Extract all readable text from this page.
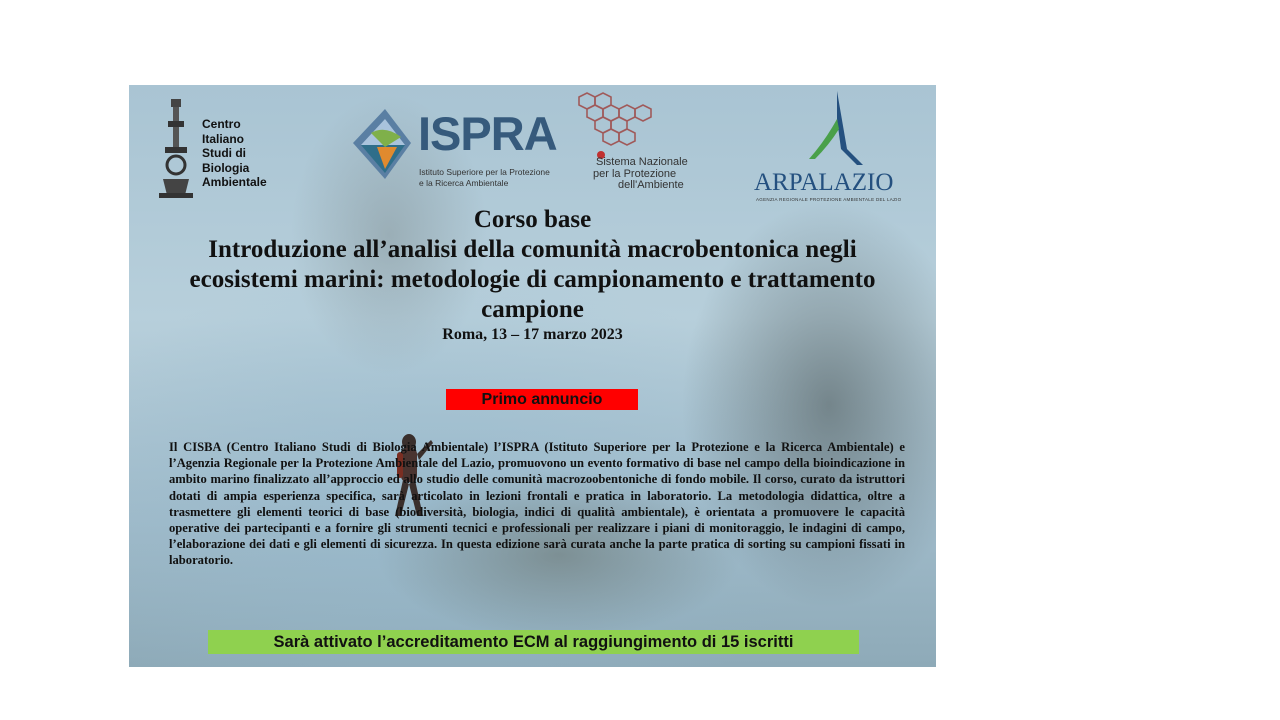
Centro
Italiano
Studi di
Biologia
Ambientale
ISPRA
Istituto Superiore per la Protezione
e la Ricerca Ambientale
Sistema Nazionale
per la Protezione
dell'Ambiente	ARPALAZIO
AGENZIA REGIONALE PROTEZIONE AMBIENTALE DEL LAZIO
Corso base
Introduzione all’analisi della comunità macrobentonica negli ecosistemi marini: metodologie di campionamento e trattamento campione
Roma, 13 – 17 marzo 2023
Primo annuncio
Il CISBA (Centro Italiano Studi di Biologia Ambientale) l’ISPRA (Istituto Superiore per la Protezione e la Ricerca Ambientale) e l’Agenzia Regionale per la Protezione Ambientale del Lazio, promuovono un evento formativo di base nel campo della bioindicazione in ambito marino finalizzato all’approccio ed allo studio delle comunità macrozoobentoniche di fondo mobile. Il corso, curato da istruttori dotati di ampia esperienza specifica, sarà articolato in lezioni frontali e pratica in laboratorio. La metodologia didattica, oltre a trasmettere gli elementi teorici di base (biodiversità, biologia, indici di qualità ambientale), è orientata a promuovere le capacità operative dei partecipanti e a fornire gli strumenti tecnici e professionali per realizzare i piani di monitoraggio, le indagini di campo, l’elaborazione dei dati e gli elementi di sicurezza. In questa edizione sarà curata anche la parte pratica di sorting su campioni fissati in laboratorio.
Sarà attivato l’accreditamento ECM al raggiungimento di 15 iscritti
